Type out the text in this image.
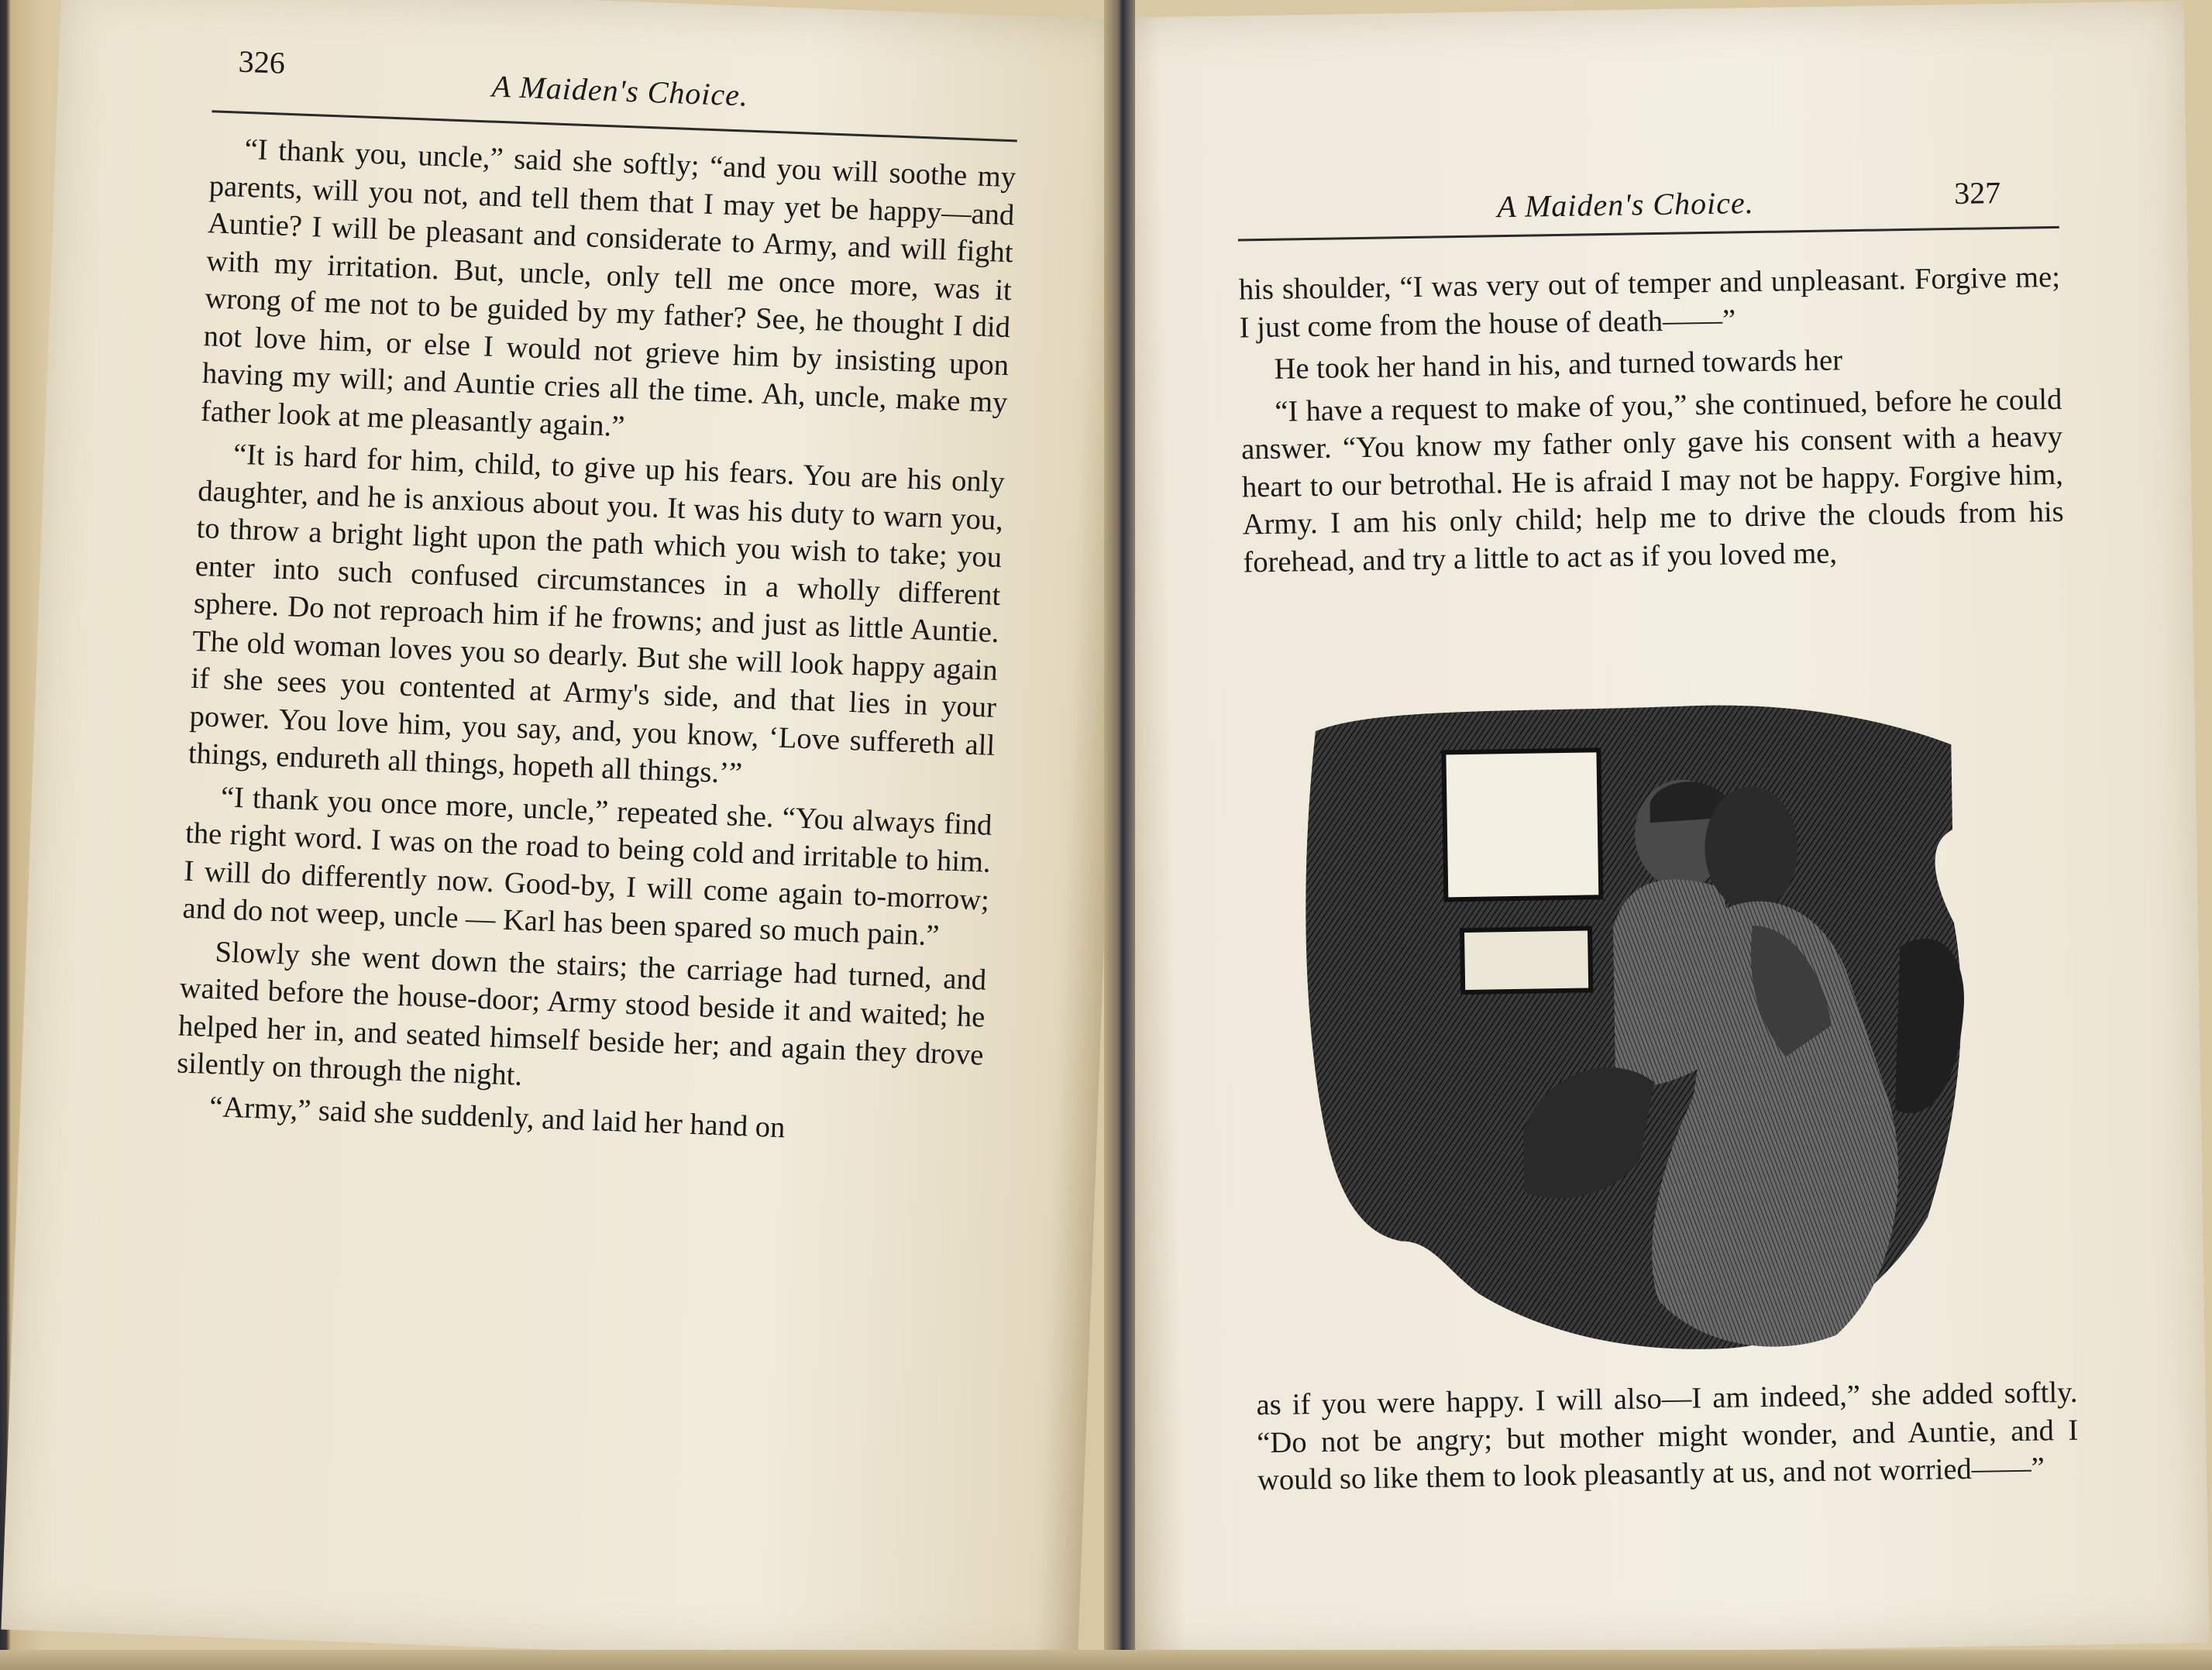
326
A Maiden's Choice.

“I thank you, uncle,” said she softly; “and you will soothe my parents, will you not, and tell them that I may yet be happy—and Auntie? I will be pleasant and considerate to Army, and will fight with my irritation. But, uncle, only tell me once more, was it wrong of me not to be guided by my father? See, he thought I did not love him, or else I would not grieve him by insisting upon having my will; and Auntie cries all the time. Ah, uncle, make my father look at me pleasantly again.”

“It is hard for him, child, to give up his fears. You are his only daughter, and he is anxious about you. It was his duty to warn you, to throw a bright light upon the path which you wish to take; you enter into such confused circumstances in a wholly different sphere. Do not reproach him if he frowns; and just as little Auntie. The old woman loves you so dearly. But she will look happy again if she sees you contented at Army's side, and that lies in your power. You love him, you say, and, you know, ‘Love suffereth all things, endureth all things, hopeth all things.’”

“I thank you once more, uncle,” repeated she. “You always find the right word. I was on the road to being cold and irritable to him. I will do differently now. Good-by, I will come again to-morrow; and do not weep, uncle — Karl has been spared so much pain.”

Slowly she went down the stairs; the carriage had turned, and waited before the house-door; Army stood beside it and waited; he helped her in, and seated himself beside her; and again they drove silently on through the night.

“Army,” said she suddenly, and laid her hand on

A Maiden's Choice.	327

his shoulder, “I was very out of temper and unpleasant. Forgive me; I just come from the house of death——”

He took her hand in his, and turned towards her

“I have a request to make of you,” she continued, before he could answer. “You know my father only gave his consent with a heavy heart to our betrothal. He is afraid I may not be happy. Forgive him, Army. I am his only child; help me to drive the clouds from his forehead, and try a little to act as if you loved me,

as if you were happy. I will also—I am indeed,” she added softly. “Do not be angry; but mother might wonder, and Auntie, and I would so like them to look pleasantly at us, and not worried——”
